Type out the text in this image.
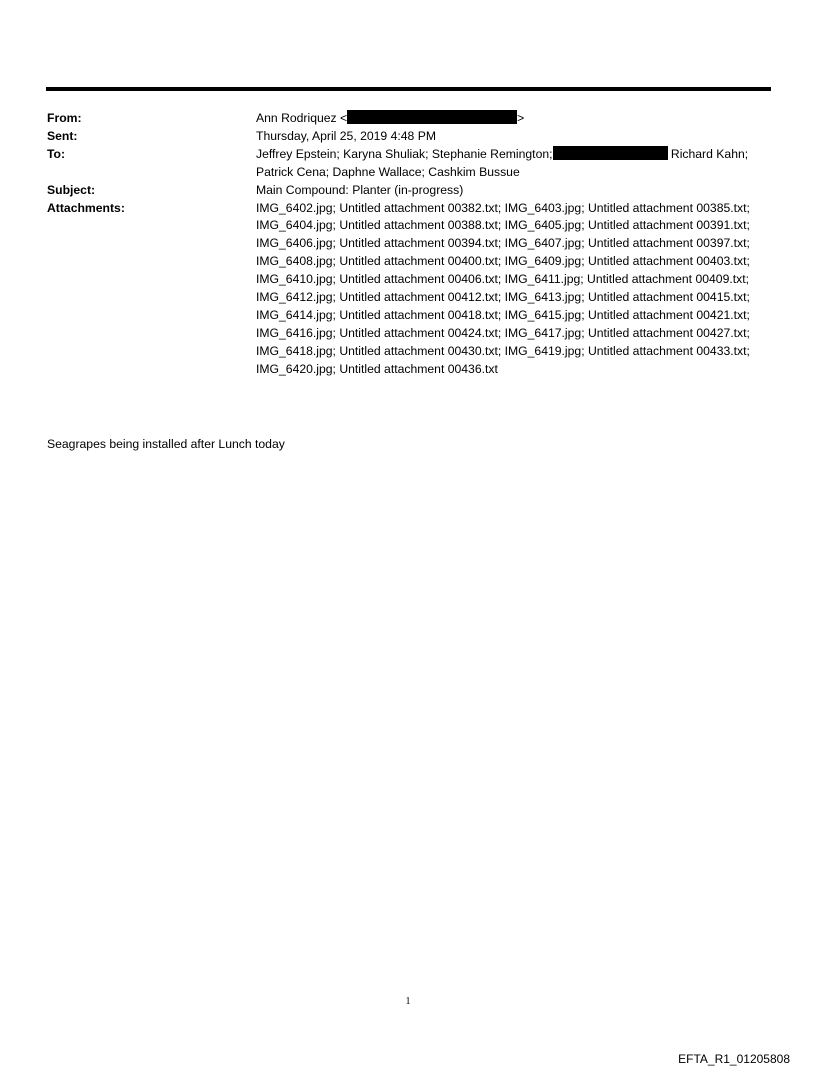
From:	Ann Rodriquez <	>
Sent:	Thursday, April 25, 2019 4:48 PM
To:	Jeffrey Epstein; Karyna Shuliak; Stephanie Remington;	Richard Kahn; Patrick Cena; Daphne Wallace; Cashkim Bussue
Subject:	Main Compound: Planter (in-progress)
Attachments:	IMG_6402.jpg; Untitled attachment 00382.txt; IMG_6403.jpg; Untitled attachment 00385.txt; IMG_6404.jpg; Untitled attachment 00388.txt; IMG_6405.jpg; Untitled attachment 00391.txt; IMG_6406.jpg; Untitled attachment 00394.txt; IMG_6407.jpg; Untitled attachment 00397.txt; IMG_6408.jpg; Untitled attachment 00400.txt; IMG_6409.jpg; Untitled attachment 00403.txt; IMG_6410.jpg; Untitled attachment 00406.txt; IMG_6411.jpg; Untitled attachment 00409.txt; IMG_6412.jpg; Untitled attachment 00412.txt; IMG_6413.jpg; Untitled attachment 00415.txt; IMG_6414.jpg; Untitled attachment 00418.txt; IMG_6415.jpg; Untitled attachment 00421.txt; IMG_6416.jpg; Untitled attachment 00424.txt; IMG_6417.jpg; Untitled attachment 00427.txt; IMG_6418.jpg; Untitled attachment 00430.txt; IMG_6419.jpg; Untitled attachment 00433.txt; IMG_6420.jpg; Untitled attachment 00436.txt
Seagrapes being installed after Lunch today
1
EFTA_R1_01205808
